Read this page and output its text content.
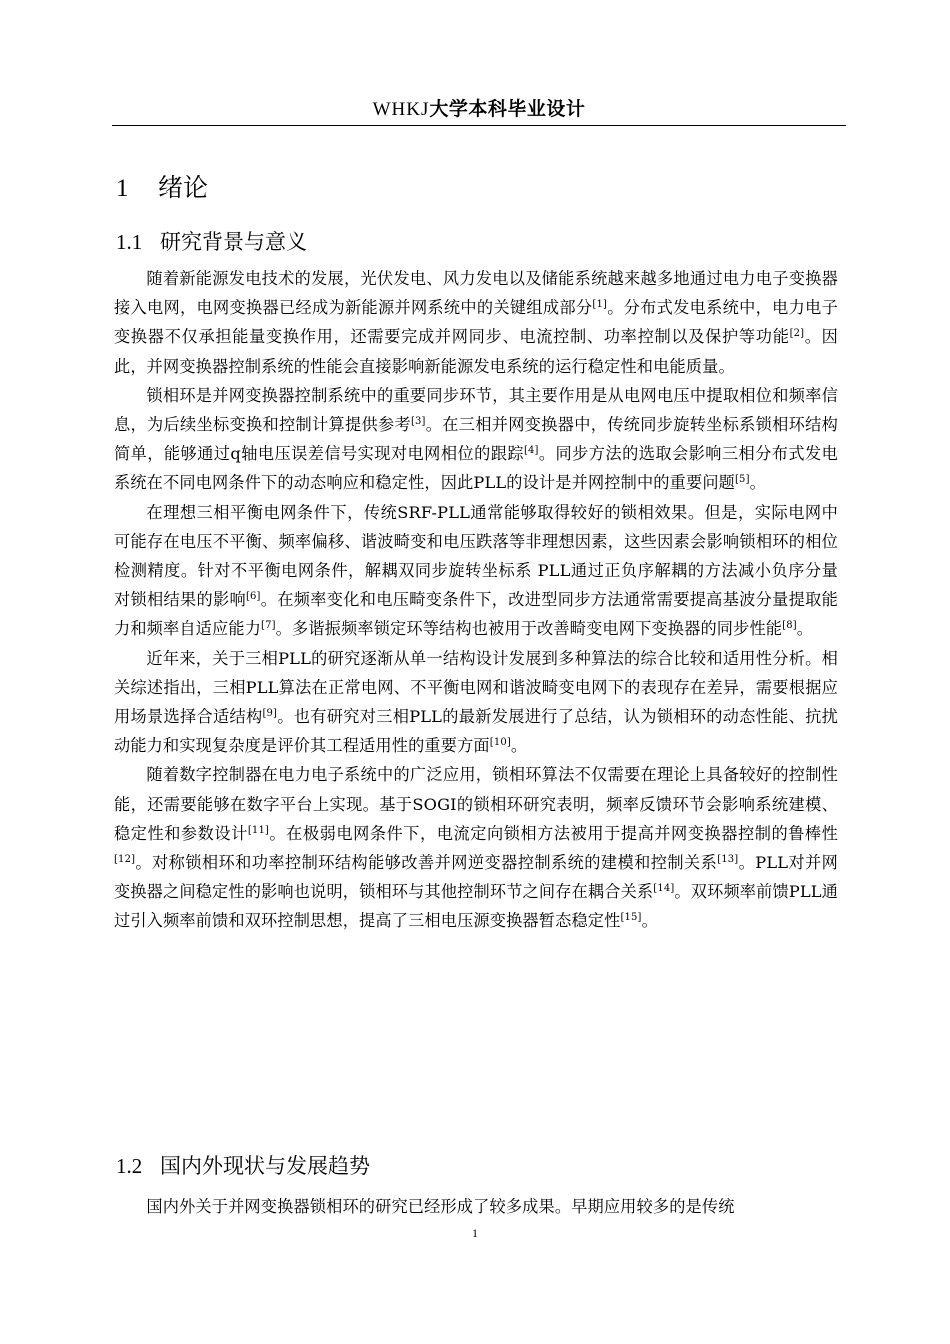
WHKJ大学本科毕业设计
1 绪论
1.1 研究背景与意义

随着新能源发电技术的发展，光伏发电、风力发电以及储能系统越来越多地通过电力电子变换器接入电网，电网变换器已经成为新能源并网系统中的关键组成部分[1]。分布式发电系统中，电力电子变换器不仅承担能量变换作用，还需要完成并网同步、电流控制、功率控制以及保护等功能[2]。因此，并网变换器控制系统的性能会直接影响新能源发电系统的运行稳定性和电能质量。

锁相环是并网变换器控制系统中的重要同步环节，其主要作用是从电网电压中提取相位和频率信息，为后续坐标变换和控制计算提供参考[3]。在三相并网变换器中，传统同步旋转坐标系锁相环结构简单，能够通过q轴电压误差信号实现对电网相位的跟踪[4]。同步方法的选取会影响三相分布式发电系统在不同电网条件下的动态响应和稳定性，因此PLL的设计是并网控制中的重要问题[5]。

在理想三相平衡电网条件下，传统SRF-PLL通常能够取得较好的锁相效果。但是，实际电网中可能存在电压不平衡、频率偏移、谐波畸变和电压跌落等非理想因素，这些因素会影响锁相环的相位检测精度。针对不平衡电网条件，解耦双同步旋转坐标系 PLL通过正负序解耦的方法减小负序分量对锁相结果的影响[6]。在频率变化和电压畸变条件下，改进型同步方法通常需要提高基波分量提取能力和频率自适应能力[7]。多谐振频率锁定环等结构也被用于改善畸变电网下变换器的同步性能[8]。

近年来，关于三相PLL的研究逐渐从单一结构设计发展到多种算法的综合比较和适用性分析。相关综述指出，三相PLL算法在正常电网、不平衡电网和谐波畸变电网下的表现存在差异，需要根据应用场景选择合适结构[9]。也有研究对三相PLL的最新发展进行了总结，认为锁相环的动态性能、抗扰动能力和实现复杂度是评价其工程适用性的重要方面[10]。

随着数字控制器在电力电子系统中的广泛应用，锁相环算法不仅需要在理论上具备较好的控制性能，还需要能够在数字平台上实现。基于SOGI的锁相环研究表明，频率反馈环节会影响系统建模、稳定性和参数设计[11]。在极弱电网条件下，电流定向锁相方法被用于提高并网变换器控制的鲁棒性[12]。对称锁相环和功率控制环结构能够改善并网逆变器控制系统的建模和控制关系[13]。PLL对并网变换器之间稳定性的影响也说明，锁相环与其他控制环节之间存在耦合关系[14]。双环频率前馈PLL通过引入频率前馈和双环控制思想，提高了三相电压源变换器暂态稳定性[15]。

1.2 国内外现状与发展趋势

国内外关于并网变换器锁相环的研究已经形成了较多成果。早期应用较多的是传统

1
